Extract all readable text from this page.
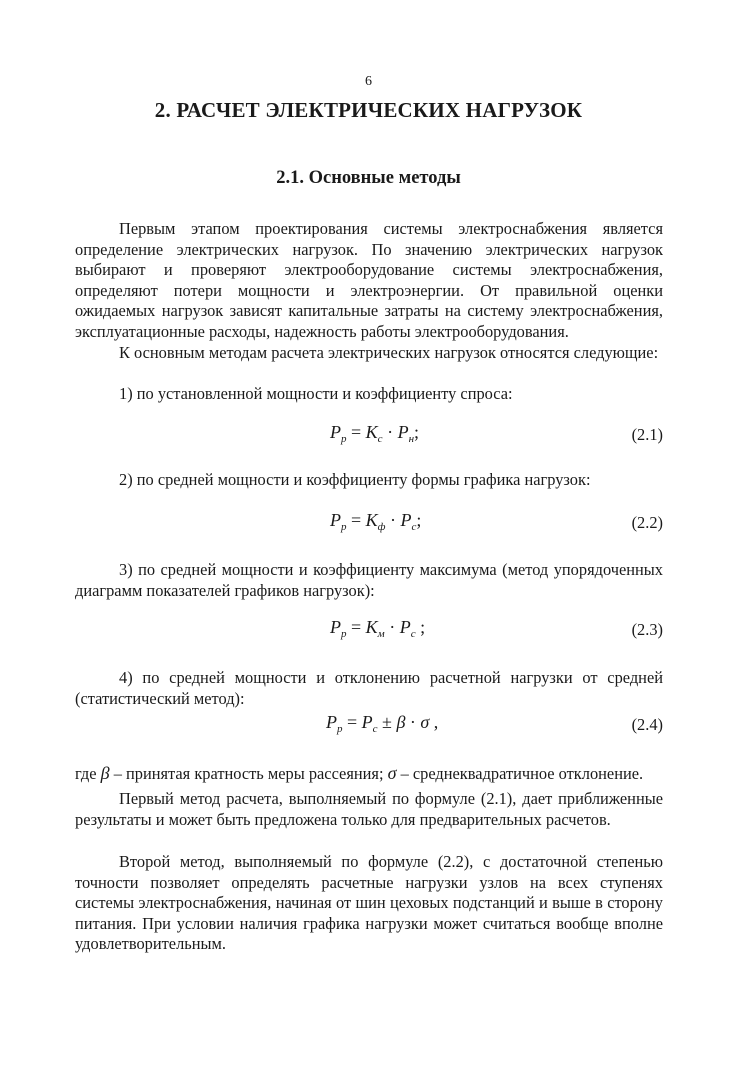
6
2. РАСЧЕТ ЭЛЕКТРИЧЕСКИХ НАГРУЗОК
2.1. Основные методы

Первым этапом проектирования системы электроснабжения является определение электрических нагрузок. По значению электрических нагрузок выбирают и проверяют электрооборудование системы электроснабжения, определяют потери мощности и электроэнергии. От правильной оценки ожидаемых нагрузок зависят капитальные затраты на систему электроснабжения, эксплуатационные расходы, надежность работы электрооборудования.

К основным методам расчета электрических нагрузок относятся следующие:

1) по установленной мощности и коэффициенту спроса:
$P_p = K_c \cdot P_н$;	(2.1)
2) по средней мощности и коэффициенту формы графика нагрузок:
$P_p = K_ф \cdot P_c$;	(2.2)

3) по средней мощности и коэффициенту максимума (метод упорядоченных диаграмм показателей графиков нагрузок):

$P_p = K_м \cdot P_c$ ;	(2.3)

4) по средней мощности и отклонению расчетной нагрузки от средней (статистический метод):

$P_p = P_c \pm \beta \cdot \sigma$ ,	(2.4)
где β – принятая кратность меры рассеяния; σ – среднеквадратичное отклонение.

Первый метод расчета, выполняемый по формуле (2.1), дает приближенные результаты и может быть предложена только для предварительных расчетов.

Второй метод, выполняемый по формуле (2.2), с достаточной степенью точности позволяет определять расчетные нагрузки узлов на всех ступенях системы электроснабжения, начиная от шин цеховых подстанций и выше в сторону питания. При условии наличия графика нагрузки может считаться вообще вполне удовлетворительным.
